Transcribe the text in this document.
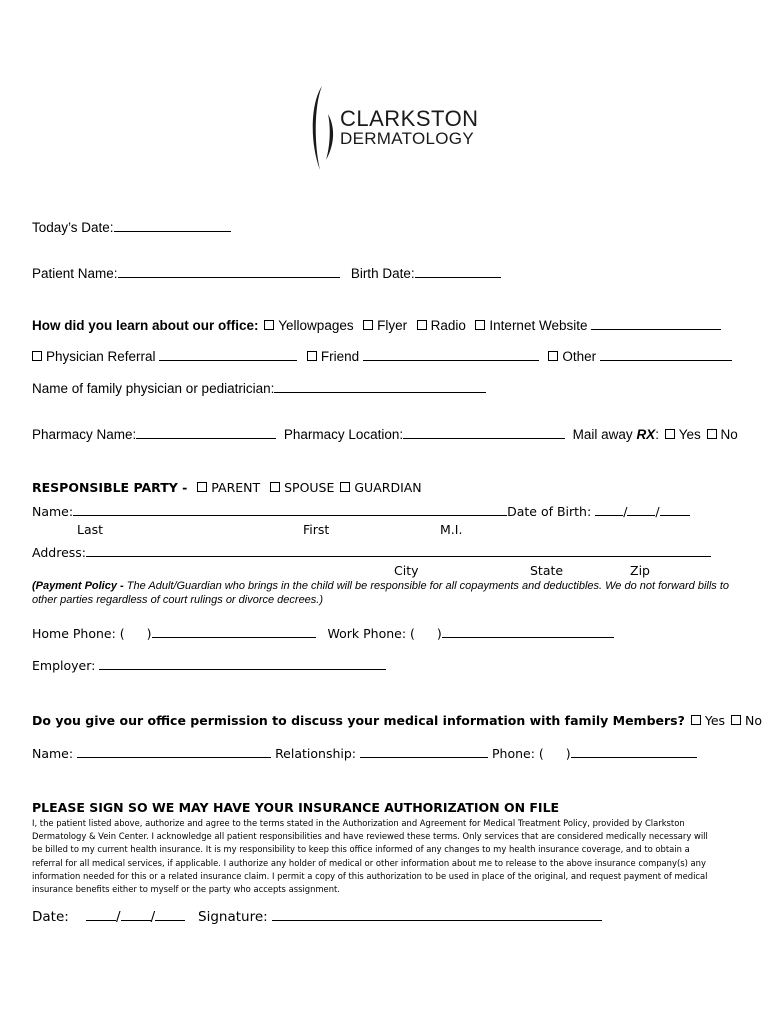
CLARKSTON
DERMATOLOGY
Today’s Date:
Patient Name:	Birth Date:
How did you learn about our office: Yellowpages Flyer Radio Internet Website
Physician Referral	Friend	Other
Name of family physician or pediatrician:
Pharmacy Name:	Pharmacy Location:	Mail away RX: Yes No
RESPONSIBLE PARTY - PARENT SPOUSE GUARDIAN
Name:	Date of Birth:	/ /
Last	First	M.I.
Address:
City	State	Zip
(Payment Policy - The Adult/Guardian who brings in the child will be responsible for all copayments and deductibles. We do not forward bills to other parties regardless of court rulings or divorce decrees.)
Home Phone: ( )	Work Phone: ( )
Employer:
Do you give our office permission to discuss your medical information with family Members? Yes No
Name:	Relationship:	Phone: ( )
PLEASE SIGN SO WE MAY HAVE YOUR INSURANCE AUTHORIZATION ON FILE
I, the patient listed above, authorize and agree to the terms stated in the Authorization and Agreement for Medical Treatment Policy, provided by Clarkston Dermatology & Vein Center. I acknowledge all patient responsibilities and have reviewed these terms. Only services that are considered medically necessary will be billed to my current health insurance. It is my responsibility to keep this office informed of any changes to my health insurance coverage, and to obtain a referral for all medical services, if applicable. I authorize any holder of medical or other information about me to release to the above insurance company(s) any information needed for this or a related insurance claim. I permit a copy of this authorization to be used in place of the original, and request payment of medical insurance benefits either to myself or the party who accepts assignment.
Date:	/ /	Signature:
